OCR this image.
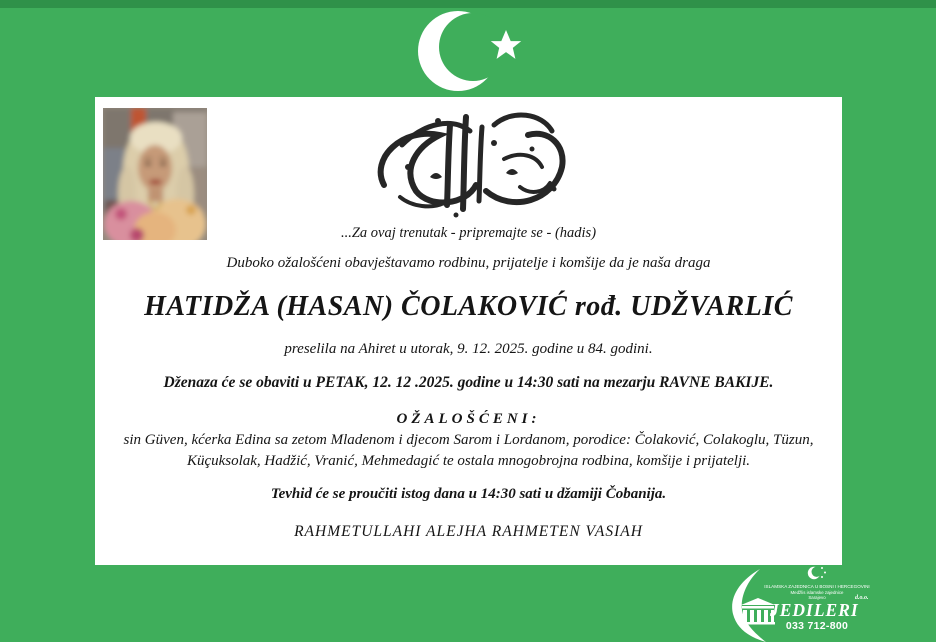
...Za ovaj trenutak - pripremajte se - (hadis)
Duboko ožalošćeni obavještavamo rodbinu, prijatelje i komšije da je naša draga
HATIDŽA (HASAN) ČOLAKOVIĆ rođ. UDŽVARLIĆ
preselila na Ahiret u utorak, 9. 12. 2025. godine u 84. godini.
Dženaza će se obaviti u PETAK, 12. 12 .2025. godine u 14:30 sati na mezarju RAVNE BAKIJE.
OŽALOŠĆENI:
sin Güven, kćerka Edina sa zetom Mladenom i djecom Sarom i Lordanom, porodice: Čolaković, Colakoglu, Tüzun,
Küçuksolak, Hadžić, Vranić, Mehmedagić te ostala mnogobrojna rodbina, komšije i prijatelji.
Tevhid će se proučiti istog dana u 14:30 sati u džamiji Čobanija.
RAHMETULLAHI ALEJHA RAHMETEN VASIAH
ISLAMSKA ZAJEDNICA U BOSNI I HERCEGOVINI
Medžlis islamske zajednice
Sarajevo	d.o.o.
JEDILERI
033 712-800
